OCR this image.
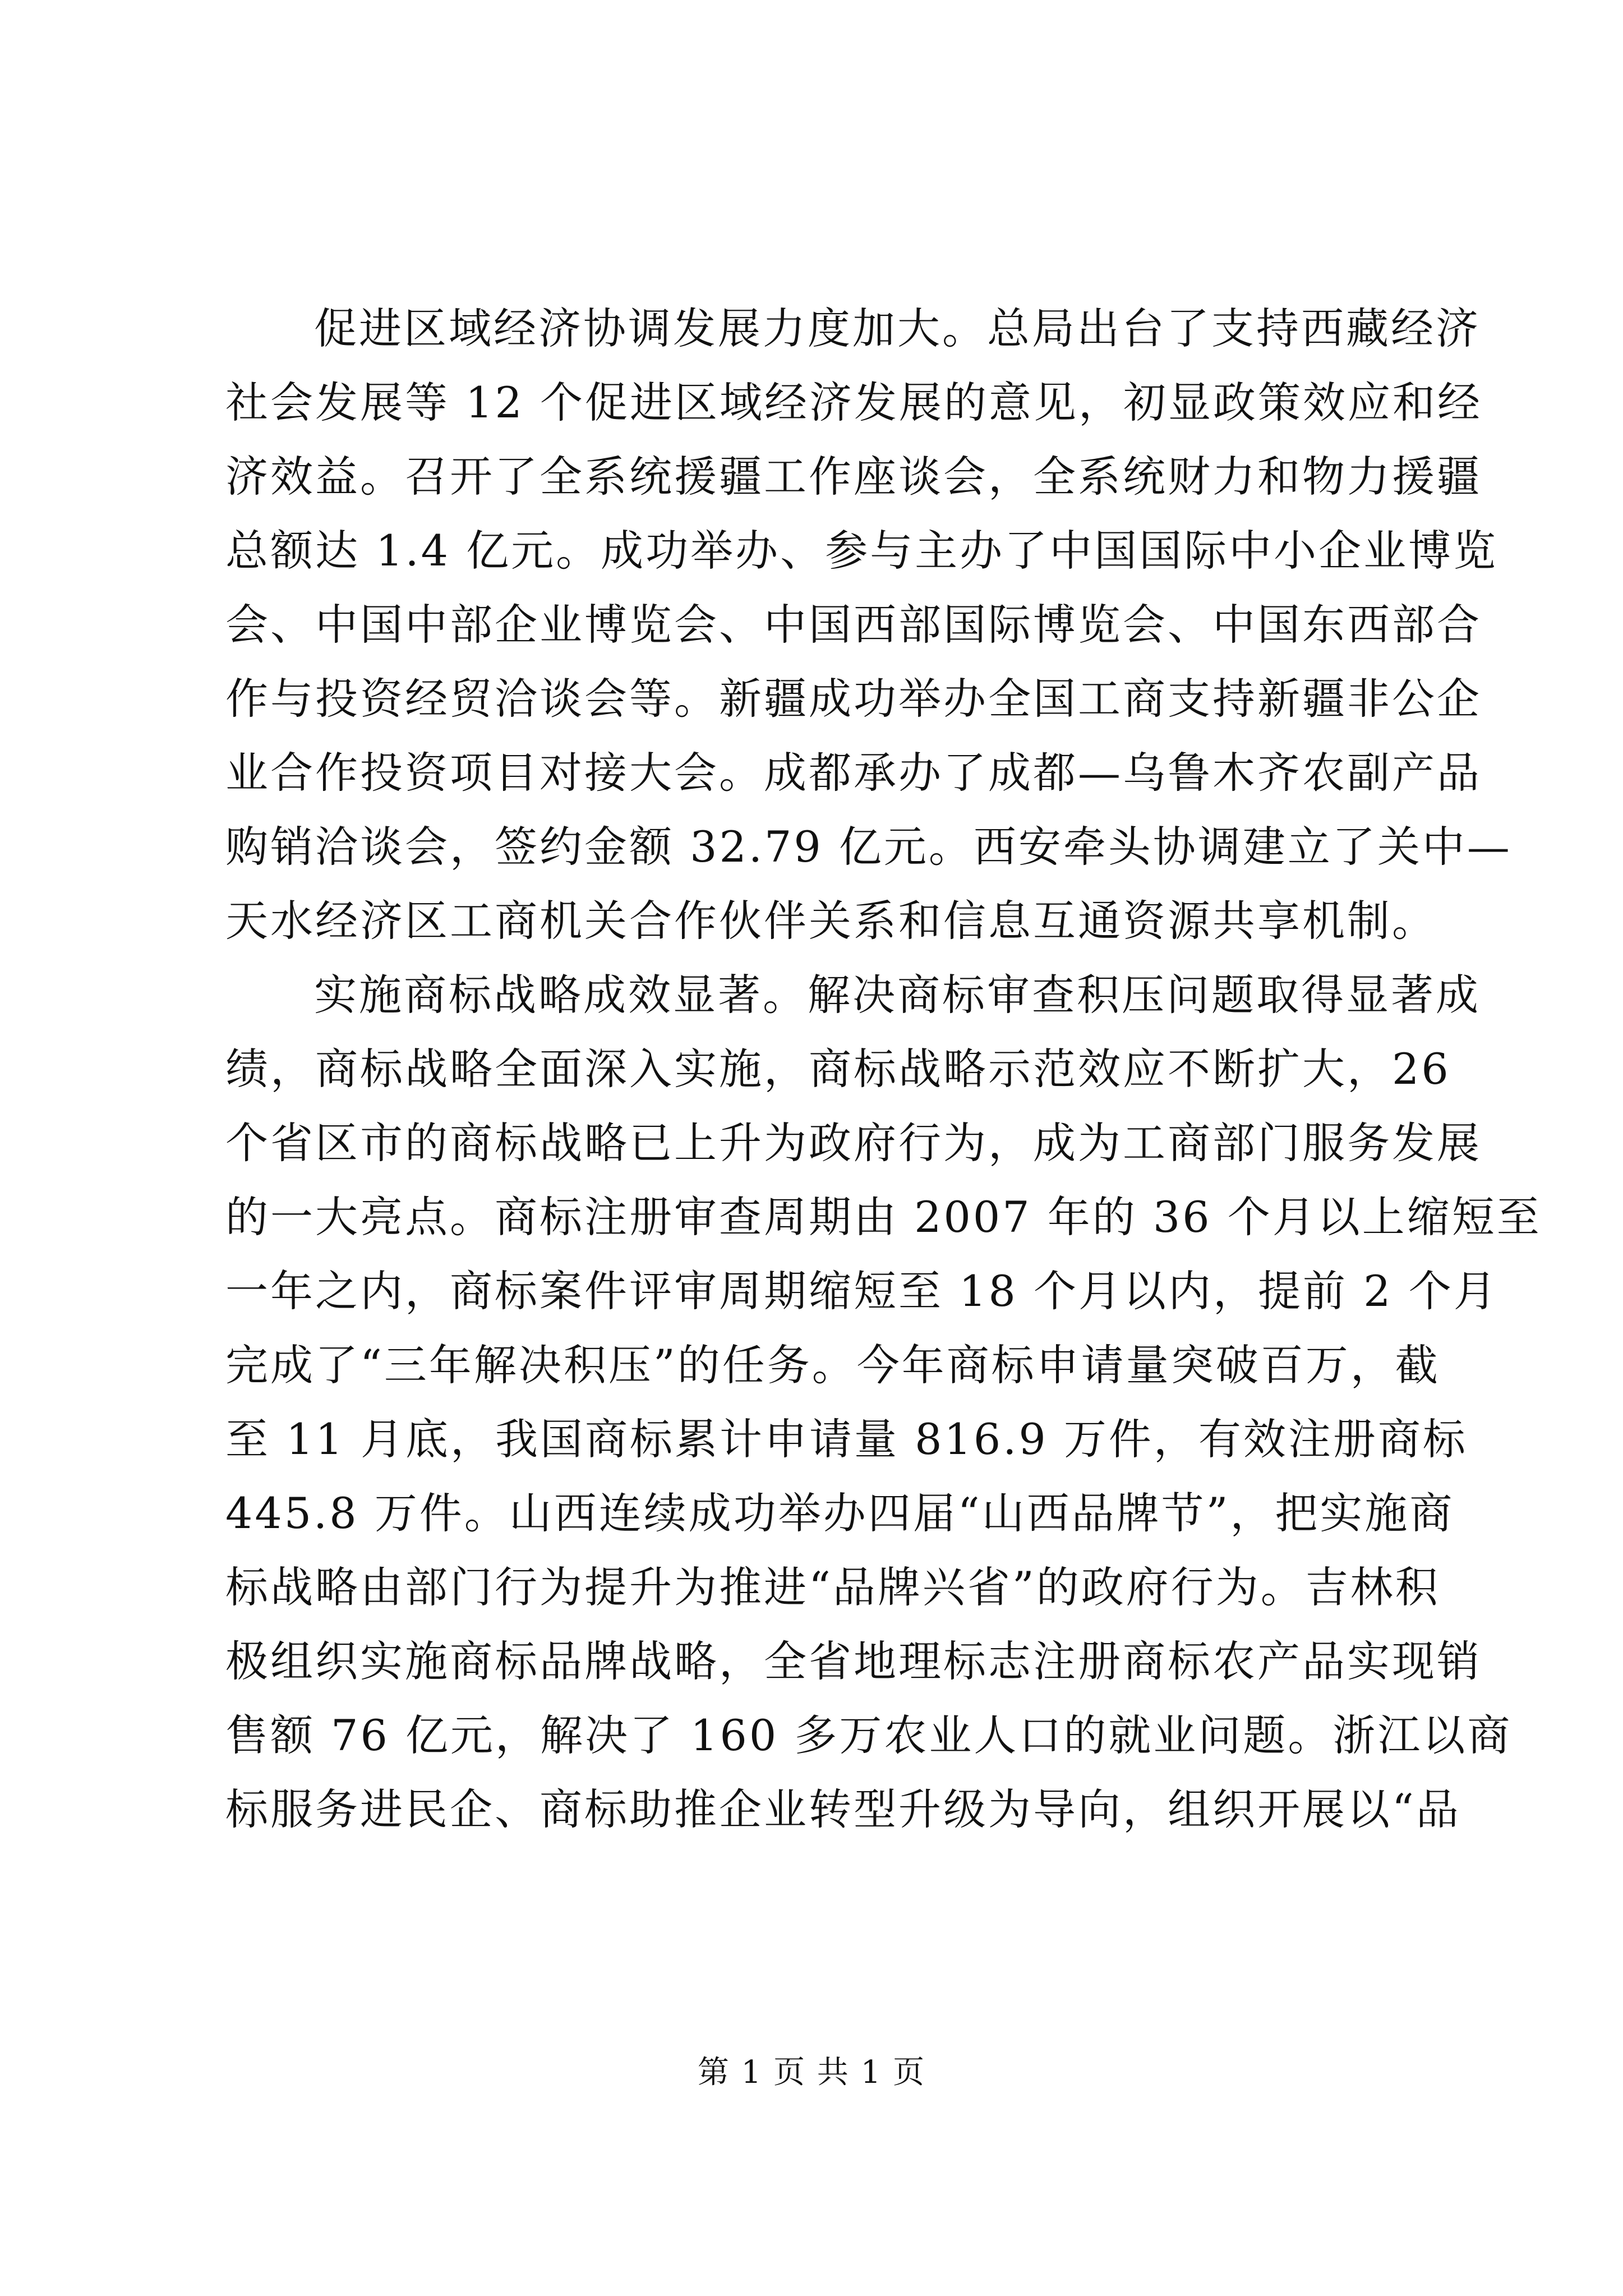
促进区域经济协调发展力度加大。总局出台了支持西藏经济
社会发展等 12 个促进区域经济发展的意见，初显政策效应和经
济效益。召开了全系统援疆工作座谈会，全系统财力和物力援疆
总额达 1.4 亿元。成功举办、参与主办了中国国际中小企业博览
会、中国中部企业博览会、中国西部国际博览会、中国东西部合
作与投资经贸洽谈会等。新疆成功举办全国工商支持新疆非公企
业合作投资项目对接大会。成都承办了成都—乌鲁木齐农副产品
购销洽谈会，签约金额 32.79 亿元。西安牵头协调建立了关中—
天水经济区工商机关合作伙伴关系和信息互通资源共享机制。

实施商标战略成效显著。解决商标审查积压问题取得显著成
绩，商标战略全面深入实施，商标战略示范效应不断扩大，26
个省区市的商标战略已上升为政府行为，成为工商部门服务发展
的一大亮点。商标注册审查周期由 2007 年的 36 个月以上缩短至
一年之内，商标案件评审周期缩短至 18 个月以内，提前 2 个月
完成了“三年解决积压”的任务。今年商标申请量突破百万，截
至 11 月底，我国商标累计申请量 816.9 万件，有效注册商标
445.8 万件。山西连续成功举办四届“山西品牌节”，把实施商
标战略由部门行为提升为推进“品牌兴省”的政府行为。吉林积
极组织实施商标品牌战略，全省地理标志注册商标农产品实现销
售额 76 亿元，解决了 160 多万农业人口的就业问题。浙江以商
标服务进民企、商标助推企业转型升级为导向，组织开展以“品

第 1 页 共 1 页
